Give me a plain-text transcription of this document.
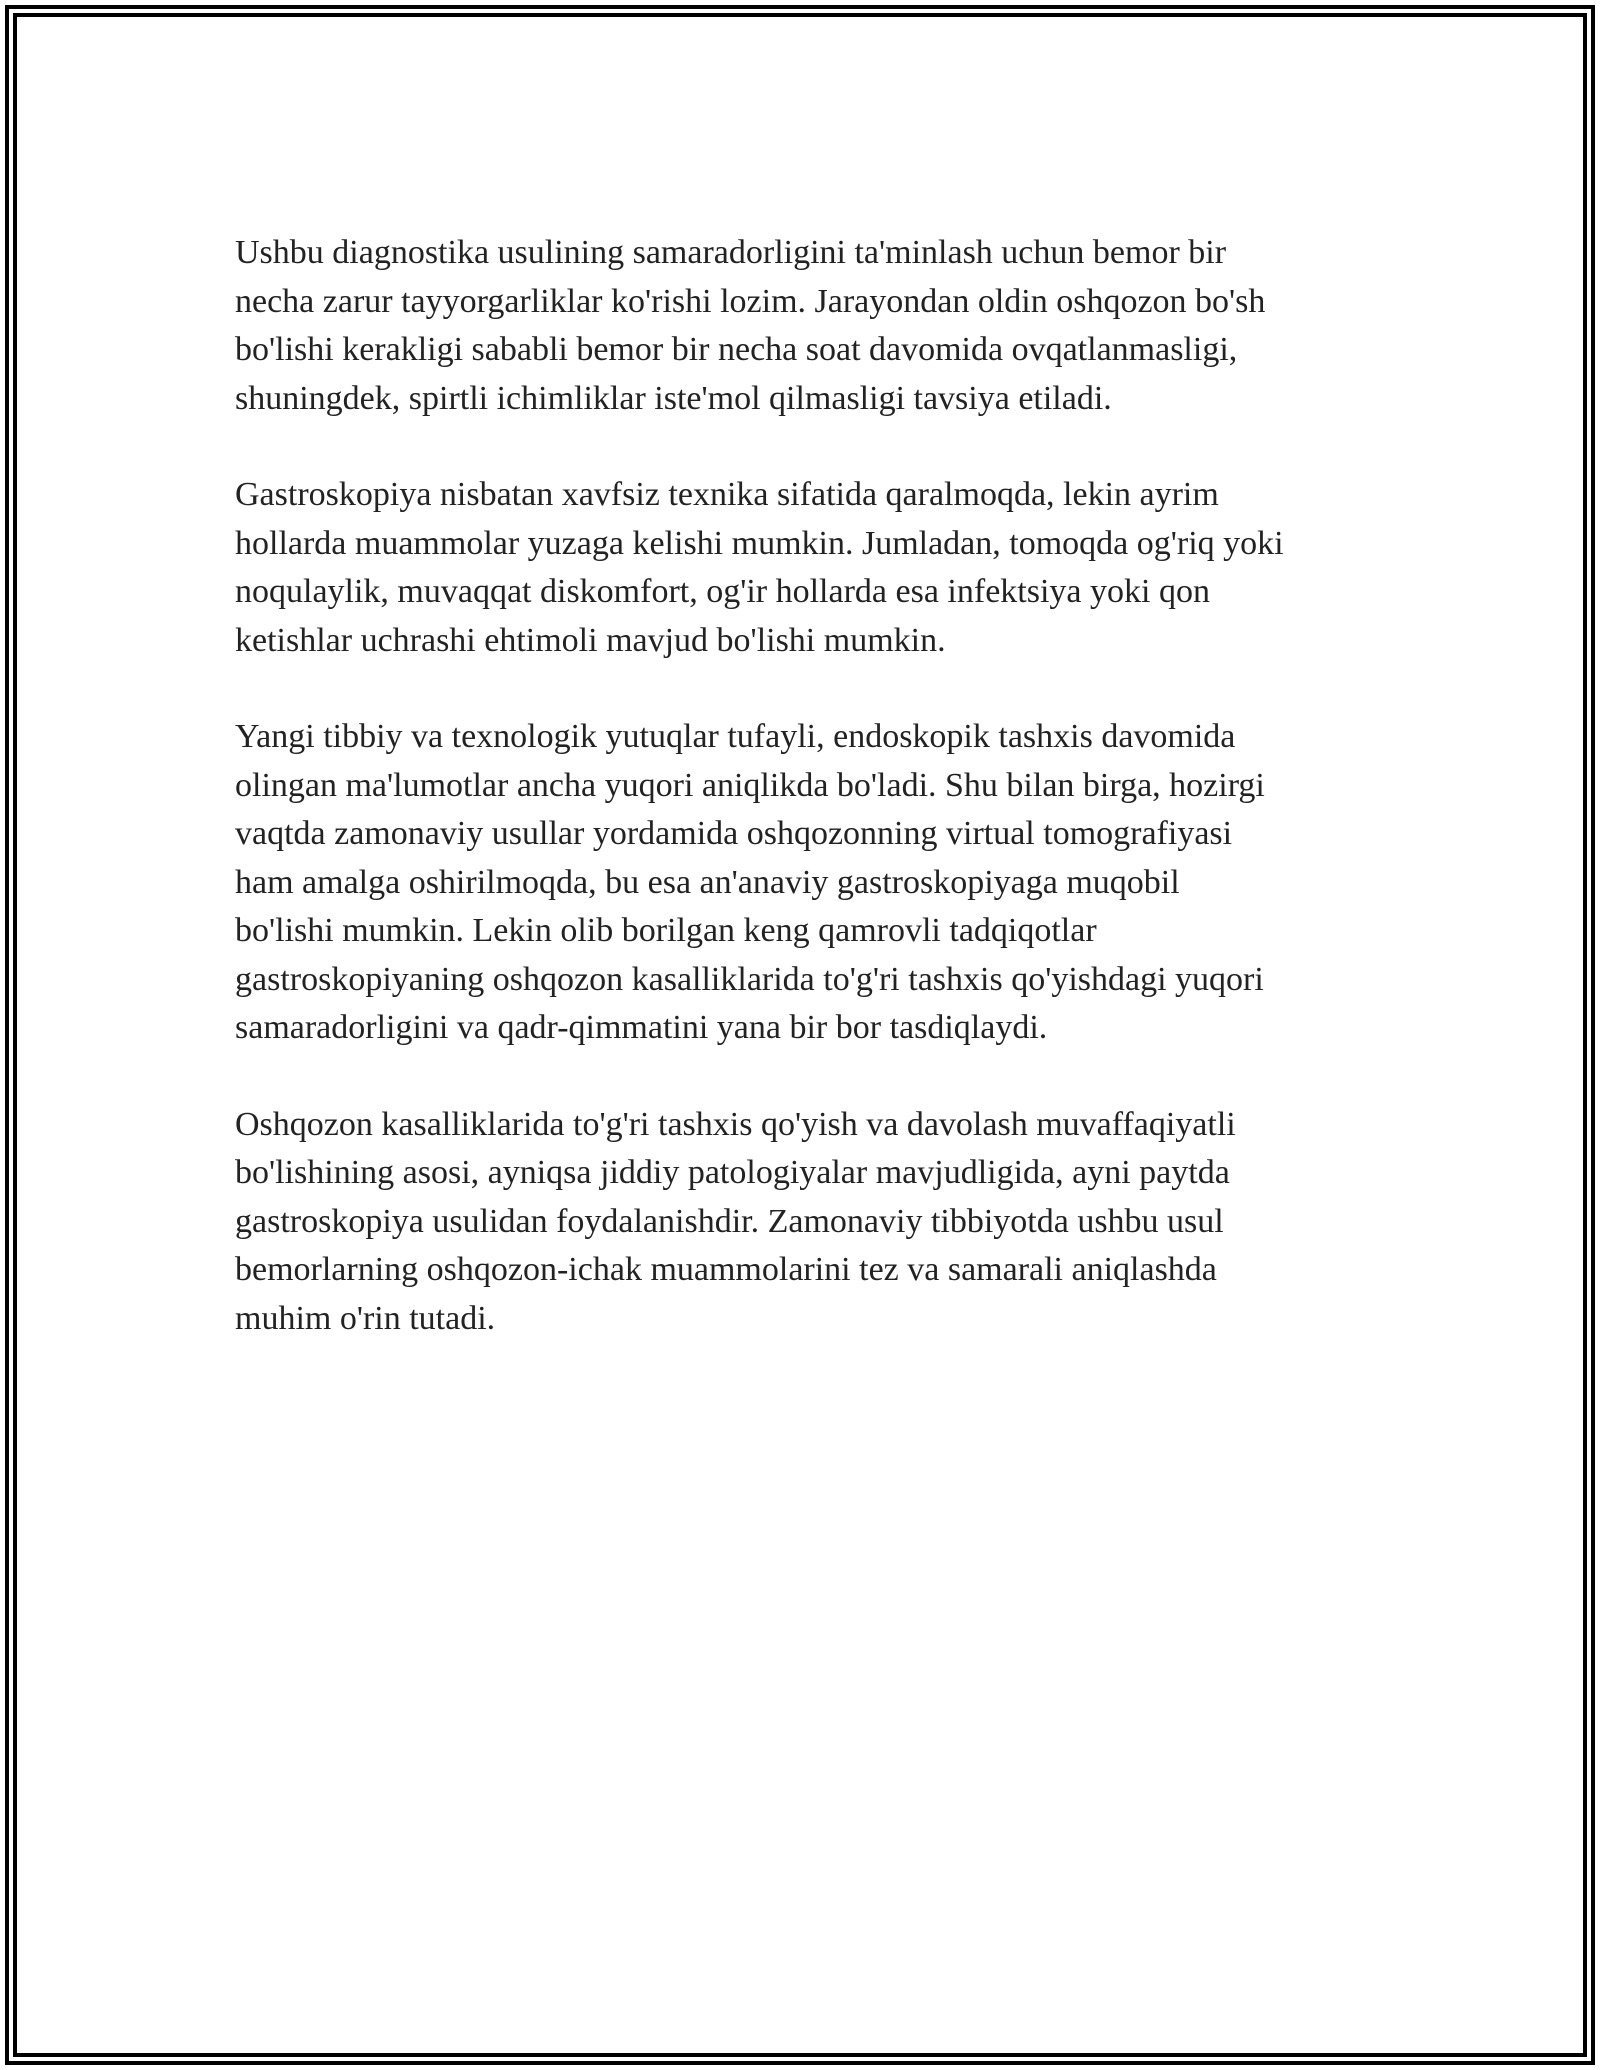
Ushbu diagnostika usulining samaradorligini ta'minlash uchun bemor bir
necha zarur tayyorgarliklar ko'rishi lozim. Jarayondan oldin oshqozon bo'sh
bo'lishi kerakligi sababli bemor bir necha soat davomida ovqatlanmasligi,
shuningdek, spirtli ichimliklar iste'mol qilmasligi tavsiya etiladi.

Gastroskopiya nisbatan xavfsiz texnika sifatida qaralmoqda, lekin ayrim
hollarda muammolar yuzaga kelishi mumkin. Jumladan, tomoqda og'riq yoki
noqulaylik, muvaqqat diskomfort, og'ir hollarda esa infektsiya yoki qon
ketishlar uchrashi ehtimoli mavjud bo'lishi mumkin.

Yangi tibbiy va texnologik yutuqlar tufayli, endoskopik tashxis davomida
olingan ma'lumotlar ancha yuqori aniqlikda bo'ladi. Shu bilan birga, hozirgi
vaqtda zamonaviy usullar yordamida oshqozonning virtual tomografiyasi
ham amalga oshirilmoqda, bu esa an'anaviy gastroskopiyaga muqobil
bo'lishi mumkin. Lekin olib borilgan keng qamrovli tadqiqotlar
gastroskopiyaning oshqozon kasalliklarida to'g'ri tashxis qo'yishdagi yuqori
samaradorligini va qadr-qimmatini yana bir bor tasdiqlaydi.

Oshqozon kasalliklarida to'g'ri tashxis qo'yish va davolash muvaffaqiyatli
bo'lishining asosi, ayniqsa jiddiy patologiyalar mavjudligida, ayni paytda
gastroskopiya usulidan foydalanishdir. Zamonaviy tibbiyotda ushbu usul
bemorlarning oshqozon-ichak muammolarini tez va samarali aniqlashda
muhim o'rin tutadi.
